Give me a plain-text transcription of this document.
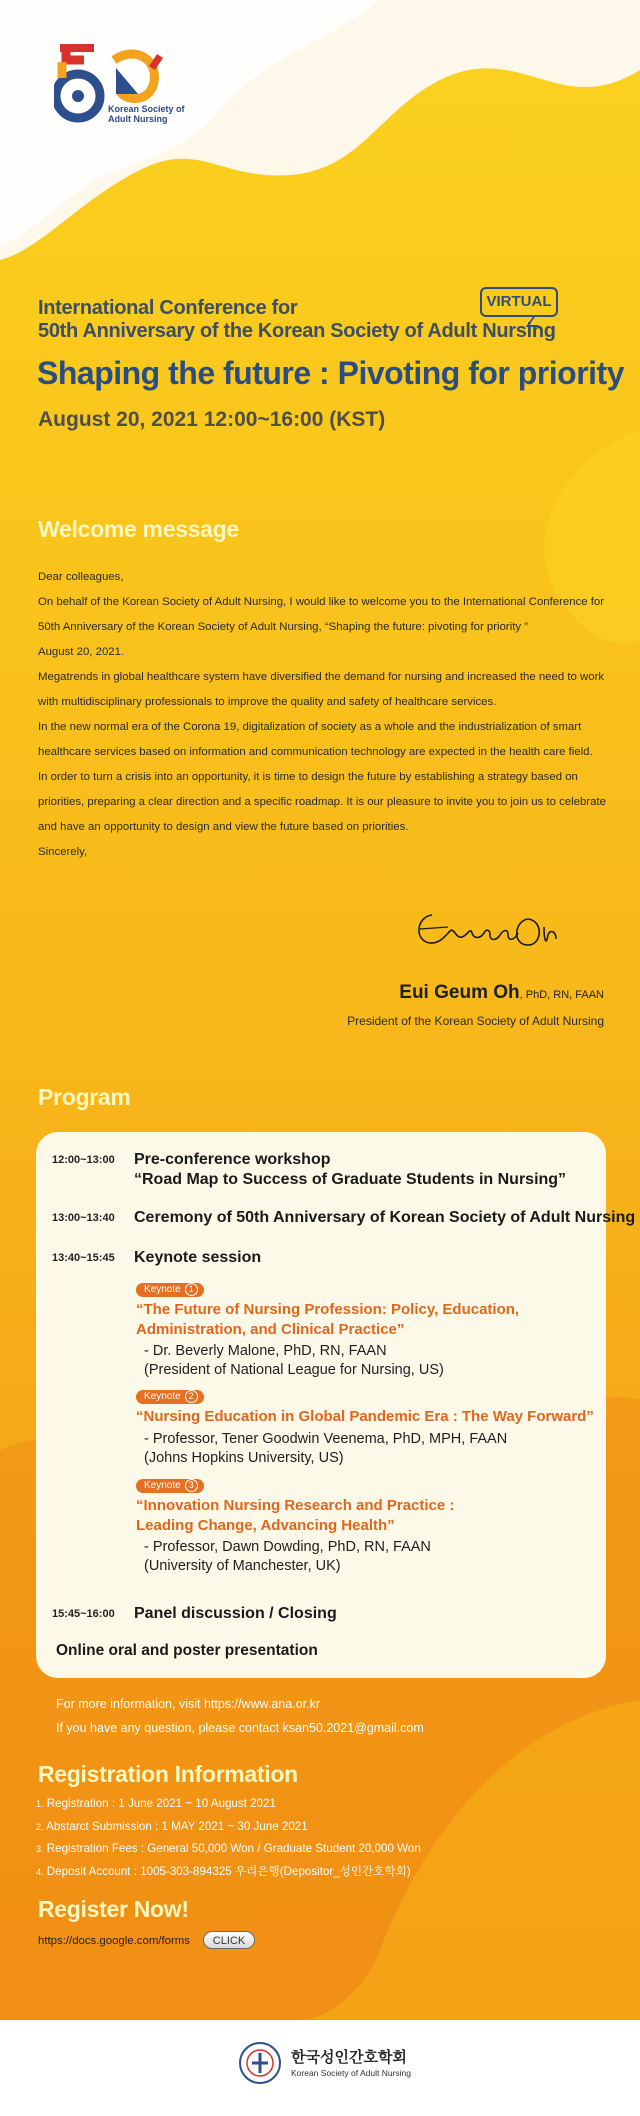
Korean Society of
Adult Nursing
International Conference for
50th Anniversary of the Korean Society of Adult Nursing
VIRTUAL
Shaping the future : Pivoting for priority
August 20, 2021 12:00~16:00 (KST)
Welcome message

Dear colleagues,

On behalf of the Korean Society of Adult Nursing, I would like to welcome you to the International Conference for

50th Anniversary of the Korean Society of Adult Nursing, “Shaping the future: pivoting for priority ”

August 20, 2021.

Megatrends in global healthcare system have diversified the demand for nursing and increased the need to work

with multidisciplinary professionals to improve the quality and safety of healthcare services.

In the new normal era of the Corona 19, digitalization of society as a whole and the industrialization of smart

healthcare services based on information and communication technology are expected in the health care field.

In order to turn a crisis into an opportunity, it is time to design the future by establishing a strategy based on

priorities, preparing a clear direction and a specific roadmap. It is our pleasure to invite you to join us to celebrate

and have an opportunity to design and view the future based on priorities.

Sincerely,

Eui Geum Oh, PhD, RN, FAAN
President of the Korean Society of Adult Nursing
Program
12:00~13:00 Pre-conference workshop
“Road Map to Success of Graduate Students in Nursing”
13:00~13:40 Ceremony of 50th Anniversary of Korean Society of Adult Nursing
13:40~15:45 Keynote session
Keynote 1
“The Future of Nursing Profession: Policy, Education,
Administration, and Clinical Practice”
- Dr. Beverly Malone, PhD, RN, FAAN
(President of National League for Nursing, US)
Keynote 2
“Nursing Education in Global Pandemic Era : The Way Forward”
- Professor, Tener Goodwin Veenema, PhD, MPH, FAAN
(Johns Hopkins University, US)
Keynote 3
“Innovation Nursing Research and Practice :
Leading Change, Advancing Health”
- Professor, Dawn Dowding, PhD, RN, FAAN
(University of Manchester, UK)
15:45~16:00 Panel discussion / Closing
Online oral and poster presentation
For more information, visit https://www.ana.or.kr
If you have any question, please contact ksan50.2021@gmail.com
Registration Information
1. Registration : 1 June 2021 ~ 10 August 2021
2. Abstarct Submission : 1 MAY 2021 ~ 30 June 2021
3. Registration Fees : General 50,000 Won / Graduate Student 20,000 Won
4. Deposit Account : 1005-303-894325 우리은행(Depositor_성인간호학회)
Register Now!
https://docs.google.com/forms	CLICK
한국성인간호학회
Korean Society of Adult Nursing
